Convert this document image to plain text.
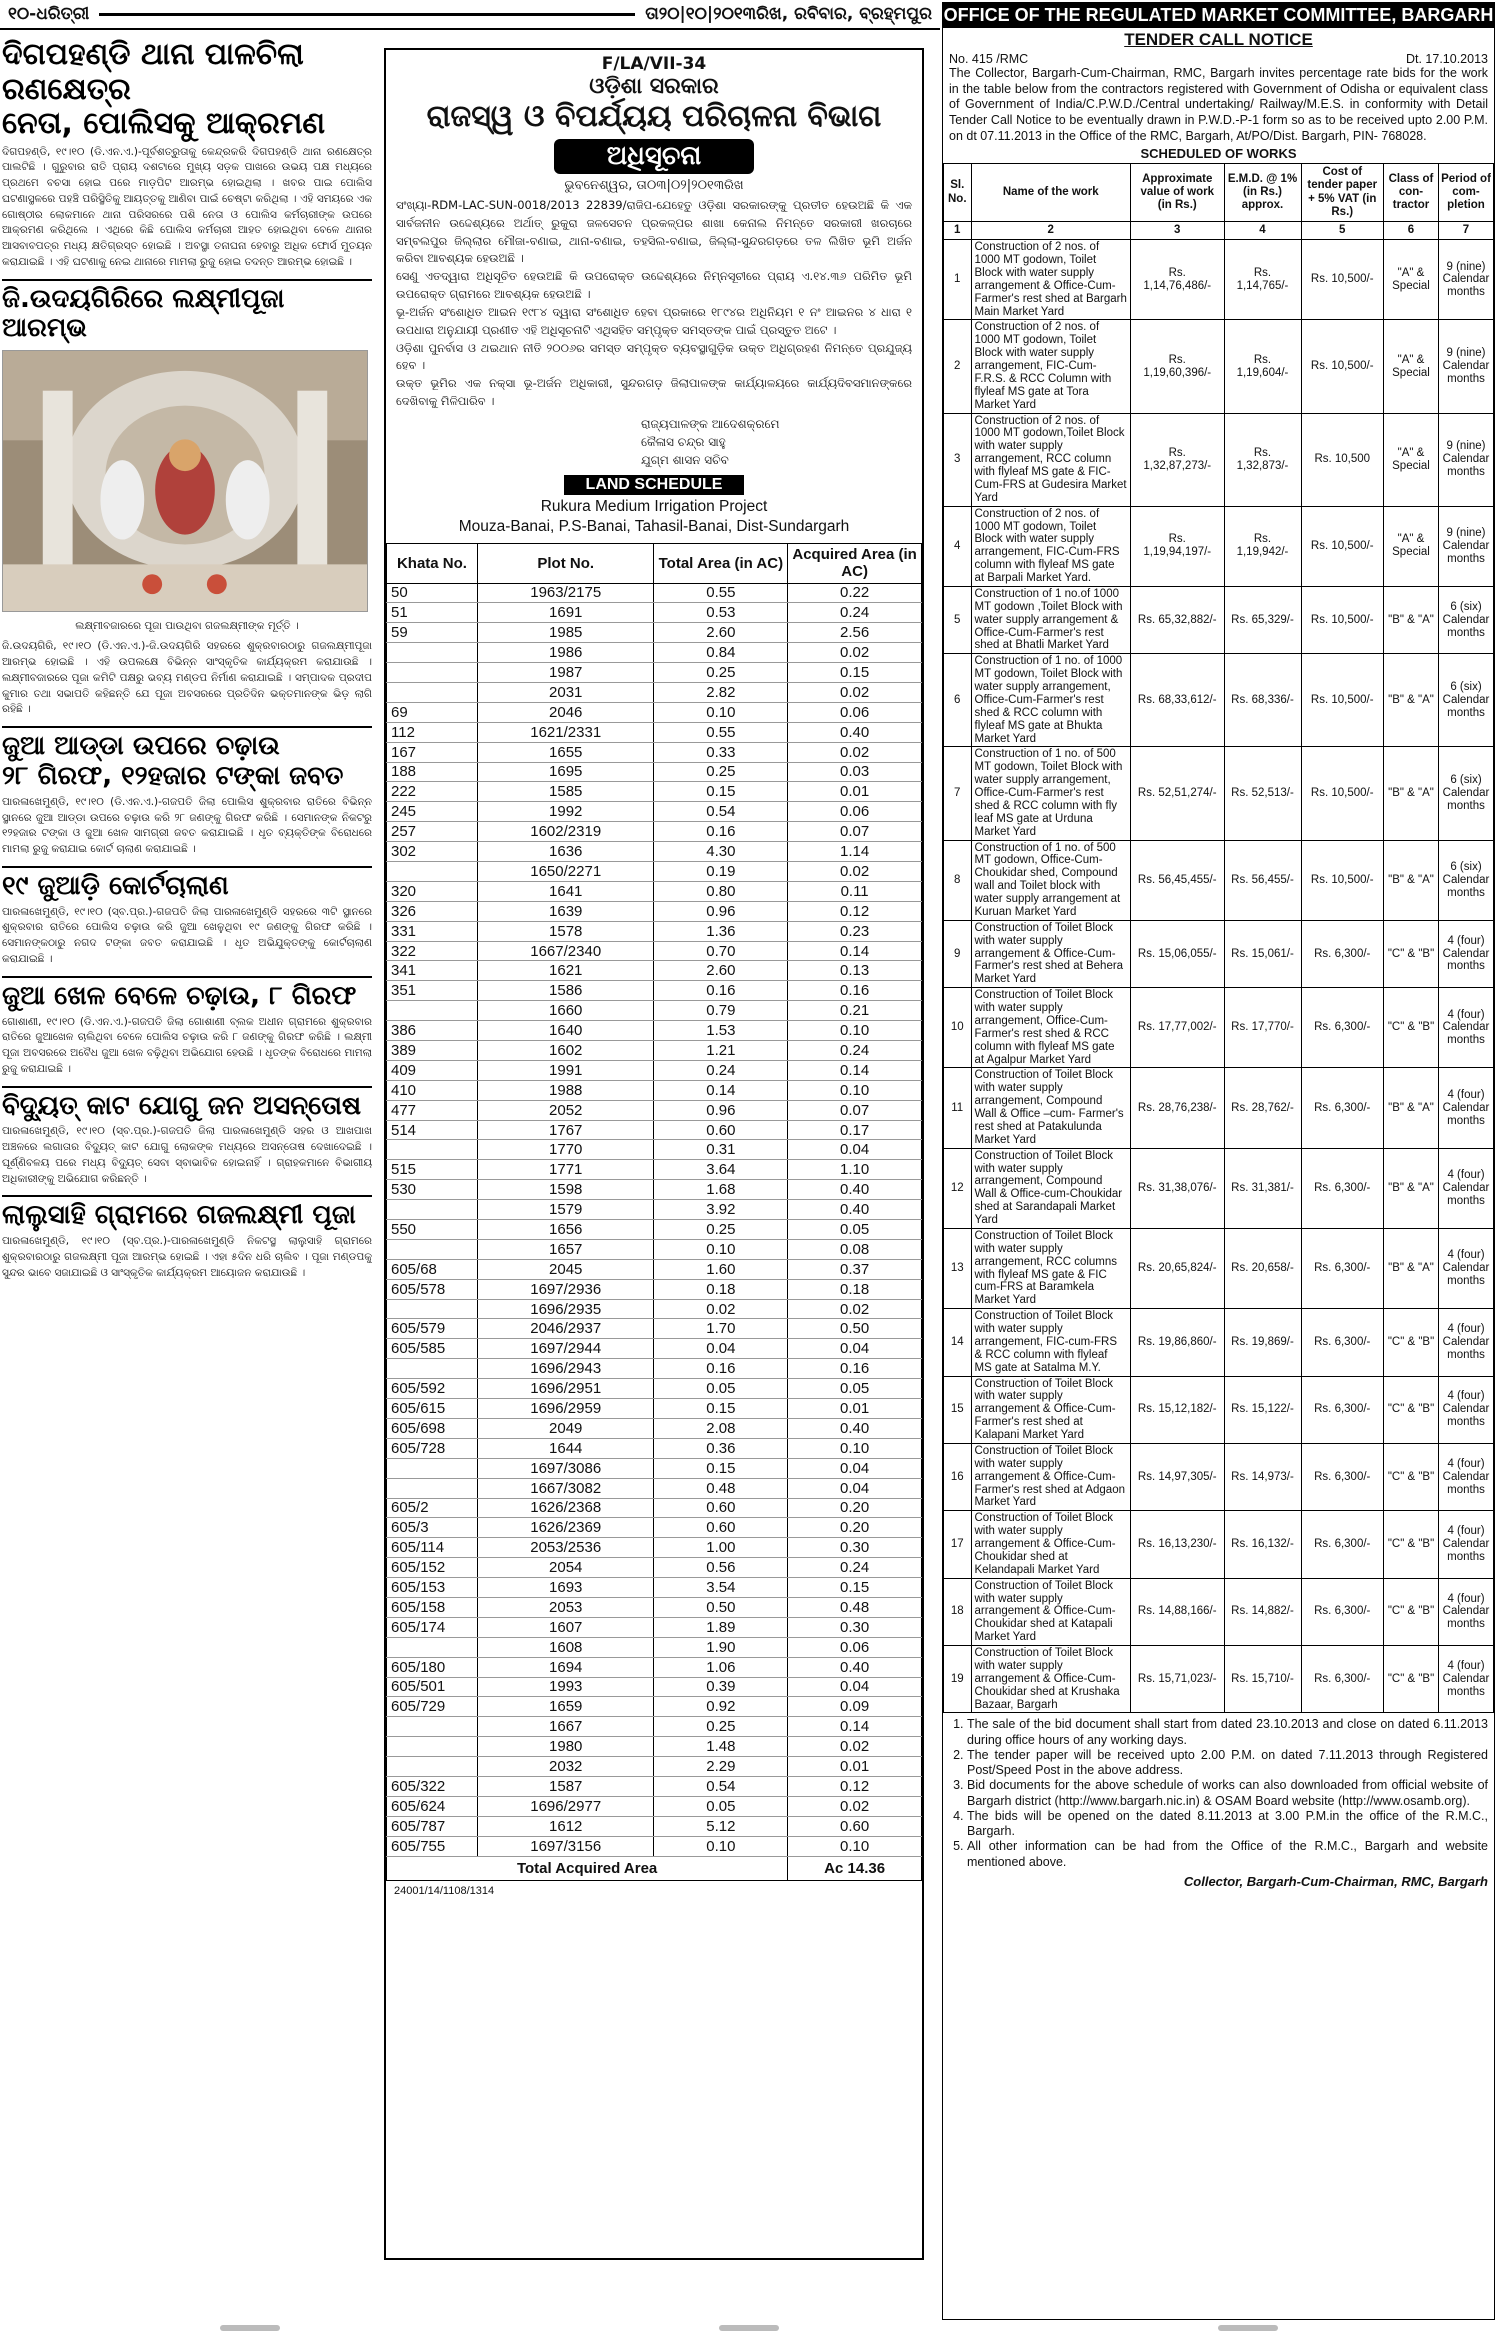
୧୦-ଧରିତ୍ରୀ	ତା୨୦|୧୦|୨୦୧୩ରିଖ, ରବିବାର, ବ୍ରହ୍ମପୁର
ଦିଗପହଣ୍ଡି ଥାନା ପାଳଚିଲା ରଣକ୍ଷେତ୍ର
ନେତା, ପୋଲିସକୁ ଆକ୍ରମଣ

ଦିଗପହଣ୍ଡି, ୧୯।୧୦ (ଡି.ଏନ.ଏ.)-ପୂର୍ବଶତ୍ରୁତାକୁ କେନ୍ଦ୍ରକରି ଦିଗପହଣ୍ଡି ଥାନା ରଣକ୍ଷେତ୍ର ପାଲଟିଛି । ଗୁରୁବାର ରାତି ପ୍ରାୟ ଦଶଟାରେ ମୁଖ୍ୟ ସଡ଼କ ପାଖରେ ଉଭୟ ପକ୍ଷ ମଧ୍ୟରେ ପ୍ରଥମେ ବଚସା ହୋଇ ପରେ ମାଡ଼ପିଟ ଆରମ୍ଭ ହୋଇଥିଲା । ଖବର ପାଇ ପୋଲିସ ଘଟଣାସ୍ଥଳରେ ପହଞ୍ଚି ପରିସ୍ଥିତିକୁ ଆୟତ୍ତକୁ ଆଣିବା ପାଇଁ ଚେଷ୍ଟା କରିଥିଲା । ଏହି ସମୟରେ ଏକ ଗୋଷ୍ଠୀର ଲୋକମାନେ ଥାନା ପରିସରରେ ପଶି ନେତା ଓ ପୋଲିସ କର୍ମଚାରୀଙ୍କ ଉପରେ ଆକ୍ରମଣ କରିଥିଲେ । ଏଥିରେ କିଛି ପୋଲିସ କର୍ମଚାରୀ ଆହତ ହୋଇଥିବା ବେଳେ ଥାନାର ଆସବାବପତ୍ର ମଧ୍ୟ କ୍ଷତିଗ୍ରସ୍ତ ହୋଇଛି । ଅବସ୍ଥା ତନାଘନା ହେବାରୁ ଅଧିକ ଫୋର୍ସ ମୁତୟନ କରାଯାଇଛି । ଏହି ଘଟଣାକୁ ନେଇ ଥାନାରେ ମାମଲା ରୁଜୁ ହୋଇ ତଦନ୍ତ ଆରମ୍ଭ ହୋଇଛି ।

ଜି.ଉଦୟଗିରିରେ ଲକ୍ଷ୍ମୀପୂଜା ଆରମ୍ଭ
ଲକ୍ଷ୍ମୀବଜାରରେ ପୂଜା ପାଉଥିବା ଗଜଲକ୍ଷ୍ମୀଙ୍କ ମୂର୍ତ୍ତି ।

ଜି.ଉଦୟଗିରି, ୧୯।୧୦ (ଡି.ଏନ.ଏ.)-ଜି.ଉଦୟଗିରି ସହରରେ ଶୁକ୍ରବାରଠାରୁ ଗଜଲକ୍ଷ୍ମୀପୂଜା ଆରମ୍ଭ ହୋଇଛି । ଏହି ଉପଲକ୍ଷେ ବିଭିନ୍ନ ସାଂସ୍କୃତିକ କାର୍ଯ୍ୟକ୍ରମ କରାଯାଉଛି । ଲକ୍ଷ୍ମୀବଜାରରେ ପୂଜା କମିଟି ପକ୍ଷରୁ ଭବ୍ୟ ମଣ୍ଡପ ନିର୍ମାଣ କରାଯାଇଛି । ସମ୍ପାଦକ ପ୍ରଦୀପ କୁମାର ତଥା ସଭାପତି କହିଛନ୍ତି ଯେ ପୂଜା ଅବସରରେ ପ୍ରତିଦିନ ଭକ୍ତମାନଙ୍କ ଭିଡ଼ ଲାଗି ରହିଛି ।

ଜୁଆ ଆଡ୍ଡା ଉପରେ ଚଢ଼ାଉ
୨୮ ଗିରଫ, ୧୨ହଜାର ଟଙ୍କା ଜବତ

ପାରଳାଖେମୁଣ୍ଡି, ୧୯।୧୦ (ଡି.ଏନ.ଏ.)-ଗଜପତି ଜିଲା ପୋଲିସ ଶୁକ୍ରବାର ରାତିରେ ବିଭିନ୍ନ ସ୍ଥାନରେ ଜୁଆ ଆଡ୍ଡା ଉପରେ ଚଢ଼ାଉ କରି ୨୮ ଜଣଙ୍କୁ ଗିରଫ କରିଛି । ସେମାନଙ୍କ ନିକଟରୁ ୧୨ହଜାର ଟଙ୍କା ଓ ଜୁଆ ଖେଳ ସାମଗ୍ରୀ ଜବତ କରାଯାଇଛି । ଧୃତ ବ୍ୟକ୍ତିଙ୍କ ବିରୋଧରେ ମାମଲା ରୁଜୁ କରାଯାଇ କୋର୍ଟ ଚାଲାଣ କରାଯାଇଛି ।

୧୯ ଜୁଆଡ଼ି କୋର୍ଟଚାଲାଣ

ପାରଳାଖେମୁଣ୍ଡି, ୧୯।୧୦ (ସ୍ବ.ପ୍ର.)-ଗଜପତି ଜିଲା ପାରଳାଖେମୁଣ୍ଡି ସହରରେ ୩ଟି ସ୍ଥାନରେ ଶୁକ୍ରବାର ରାତିରେ ପୋଲିସ ଚଢ଼ାଉ କରି ଜୁଆ ଖେଳୁଥିବା ୧୯ ଜଣଙ୍କୁ ଗିରଫ କରିଛି । ସେମାନଙ୍କଠାରୁ ନଗଦ ଟଙ୍କା ଜବତ କରାଯାଇଛି । ଧୃତ ଅଭିଯୁକ୍ତଙ୍କୁ କୋର୍ଟଚାଲାଣ କରାଯାଇଛି ।

ଜୁଆ ଖେଳ ବେଳେ ଚଢ଼ାଉ, ୮ ଗିରଫ

ଗୋଶାଣୀ, ୧୯।୧୦ (ଡି.ଏନ.ଏ.)-ଗଜପତି ଜିଲା ଗୋଶାଣୀ ବ୍ଲକ ଅଧୀନ ଗ୍ରାମରେ ଶୁକ୍ରବାର ରାତିରେ ଜୁଆଖେଳ ଚାଲିଥିବା ବେଳେ ପୋଲିସ ଚଢ଼ାଉ କରି ୮ ଜଣଙ୍କୁ ଗିରଫ କରିଛି । ଲକ୍ଷ୍ମୀ ପୂଜା ଅବସରରେ ଅବୈଧ ଜୁଆ ଖେଳ ବଢ଼ିଥିବା ଅଭିଯୋଗ ହେଉଛି । ଧୃତଙ୍କ ବିରୋଧରେ ମାମଲା ରୁଜୁ କରାଯାଇଛି ।

ବିଦ୍ୟୁତ୍ କାଟ ଯୋଗୁ ଜନ ଅସନ୍ତୋଷ

ପାରଳାଖେମୁଣ୍ଡି, ୧୯।୧୦ (ସ୍ବ.ପ୍ର.)-ଗଜପତି ଜିଲା ପାରଳାଖେମୁଣ୍ଡି ସହର ଓ ଆଖପାଖ ଅଞ୍ଚଳରେ ଲଗାତାର ବିଦ୍ୟୁତ୍ କାଟ ଯୋଗୁ ଲୋକଙ୍କ ମଧ୍ୟରେ ଅସନ୍ତୋଷ ଦେଖାଦେଇଛି । ଘୂର୍ଣ୍ଣିବଳୟ ପରେ ମଧ୍ୟ ବିଦ୍ୟୁତ୍ ସେବା ସ୍ବାଭାବିକ ହୋଇନାହିଁ । ଗ୍ରାହକମାନେ ବିଭାଗୀୟ ଅଧିକାରୀଙ୍କୁ ଅଭିଯୋଗ କରିଛନ୍ତି ।

ଲାଲୁସାହି ଗ୍ରାମରେ ଗଜଲକ୍ଷ୍ମୀ ପୂଜା

ପାରଳାଖେମୁଣ୍ଡି, ୧୯।୧୦ (ସ୍ବ.ପ୍ର.)-ପାରଳାଖେମୁଣ୍ଡି ନିକଟସ୍ଥ ଲାଲୁସାହି ଗ୍ରାମରେ ଶୁକ୍ରବାରଠାରୁ ଗଜଲକ୍ଷ୍ମୀ ପୂଜା ଆରମ୍ଭ ହୋଇଛି । ଏହା ୫ଦିନ ଧରି ଚାଲିବ । ପୂଜା ମଣ୍ଡପକୁ ସୁନ୍ଦର ଭାବେ ସଜାଯାଇଛି ଓ ସାଂସ୍କୃତିକ କାର୍ଯ୍ୟକ୍ରମ ଆୟୋଜନ କରାଯାଉଛି ।

F/LA/VII-34
ଓଡ଼ିଶା ସରକାର
ରାଜସ୍ୱ ଓ ବିପର୍ଯ୍ୟୟ ପରିଚାଳନା ବିଭାଗ
ଅଧିସୂଚନା
ଭୁବନେଶ୍ୱର, ତା୦୩|୦୨|୨୦୧୩ରିଖ

ସଂଖ୍ୟା-RDM-LAC-SUN-0018/2013 22839/ରାଜିପ-ଯେହେତୁ ଓଡ଼ିଶା ସରକାରଙ୍କୁ ପ୍ରତୀତ ହେଉଅଛି କି ଏକ ସାର୍ବଜନୀନ ଉଦ୍ଦେଶ୍ୟରେ ଅର୍ଥାତ୍ ରୁକୁରା ଜଳସେଚନ ପ୍ରକଳ୍ପର ଶାଖା କେନାଲ ନିମନ୍ତେ ସରକାରୀ ଖରଚାରେ ସମ୍ବଲପୁର ଜିଲ୍ଲାର ମୌଜା-ବଣାଇ, ଥାନା-ବଣାଇ, ତହସିଲ-ବଣାଇ, ଜିଲ୍ଲା-ସୁନ୍ଦରଗଡ଼ରେ ତଳ ଲିଖିତ ଭୂମି ଅର୍ଜନ କରିବା ଆବଶ୍ୟକ ହେଉଅଛି ।

ସେଣୁ ଏତଦ୍ୱାରା ଅଧିସୂଚିତ ହେଉଅଛି କି ଉପରୋକ୍ତ ଉଦ୍ଦେଶ୍ୟରେ ନିମ୍ନସୂଚୀରେ ପ୍ରାୟ ଏ.୧୪.୩୬ ପରିମିତ ଭୂମି ଉପରୋକ୍ତ ଗ୍ରାମରେ ଆବଶ୍ୟକ ହେଉଅଛି ।

ଭୂ-ଅର୍ଜନ ସଂଶୋଧିତ ଆଇନ ୧୯୮୪ ଦ୍ୱାରା ସଂଶୋଧିତ ହେବା ପ୍ରକାରେ ୧୮୯୪ର ଅଧିନିୟମ ୧ ନଂ ଆଇନର ୪ ଧାରା ୧ ଉପଧାରା ଅନୁଯାୟୀ ପ୍ରଣୀତ ଏହି ଅଧିସୂଚନାଟି ଏଥିସହିତ ସମ୍ପୃକ୍ତ ସମସ୍ତଙ୍କ ପାଇଁ ପ୍ରସ୍ତୁତ ଅଟେ ।

ଓଡ଼ିଶା ପୁନର୍ବାସ ଓ ଥଇଥାନ ନୀତି ୨୦୦୬ର ସମସ୍ତ ସମ୍ପୃକ୍ତ ବ୍ୟବସ୍ଥାଗୁଡ଼ିକ ଉକ୍ତ ଅଧିଗ୍ରହଣ ନିମନ୍ତେ ପ୍ରଯୁଜ୍ୟ ହେବ ।

ଉକ୍ତ ଭୂମିର ଏକ ନକ୍ସା ଭୂ-ଅର୍ଜନ ଅଧିକାରୀ, ସୁନ୍ଦରଗଡ଼ ଜିଲାପାଳଙ୍କ କାର୍ଯ୍ୟାଳୟରେ କାର୍ଯ୍ୟଦିବସମାନଙ୍କରେ ଦେଖିବାକୁ ମିଳିପାରିବ ।

ରାଜ୍ୟପାଳଙ୍କ ଆଦେଶକ୍ରମେ
କୈଳାସ ଚନ୍ଦ୍ର ସାହୁ
ଯୁଗ୍ମ ଶାସନ ସଚିବ
LAND SCHEDULE
Rukura Medium Irrigation Project
Mouza-Banai, P.S-Banai, Tahasil-Banai, Dist-Sundargarh
Khata No.	Plot No.	Total Area (in AC)	Acquired Area (in AC)
50	1963/2175	0.55	0.22
51	1691	0.53	0.24
59	1985	2.60	2.56
	1986	0.84	0.02
	1987	0.25	0.15
	2031	2.82	0.02
69	2046	0.10	0.06
112	1621/2331	0.55	0.40
167	1655	0.33	0.02
188	1695	0.25	0.03
222	1585	0.15	0.01
245	1992	0.54	0.06
257	1602/2319	0.16	0.07
302	1636	4.30	1.14
	1650/2271	0.19	0.02
320	1641	0.80	0.11
326	1639	0.96	0.12
331	1578	1.36	0.23
322	1667/2340	0.70	0.14
341	1621	2.60	0.13
351	1586	0.16	0.16
	1660	0.79	0.21
386	1640	1.53	0.10
389	1602	1.21	0.24
409	1991	0.24	0.14
410	1988	0.14	0.10
477	2052	0.96	0.07
514	1767	0.60	0.17
	1770	0.31	0.04
515	1771	3.64	1.10
530	1598	1.68	0.40
	1579	3.92	0.40
550	1656	0.25	0.05
	1657	0.10	0.08
605/68	2045	1.60	0.37
605/578	1697/2936	0.18	0.18
	1696/2935	0.02	0.02
605/579	2046/2937	1.70	0.50
605/585	1697/2944	0.04	0.04
	1696/2943	0.16	0.16
605/592	1696/2951	0.05	0.05
605/615	1696/2959	0.15	0.01
605/698	2049	2.08	0.40
605/728	1644	0.36	0.10
	1697/3086	0.15	0.04
	1667/3082	0.48	0.04
605/2	1626/2368	0.60	0.20
605/3	1626/2369	0.60	0.20
605/114	2053/2536	1.00	0.30
605/152	2054	0.56	0.24
605/153	1693	3.54	0.15
605/158	2053	0.50	0.48
605/174	1607	1.89	0.30
	1608	1.90	0.06
605/180	1694	1.06	0.40
605/501	1993	0.39	0.04
605/729	1659	0.92	0.09
	1667	0.25	0.14
	1980	1.48	0.02
	2032	2.29	0.01
605/322	1587	0.54	0.12
605/624	1696/2977	0.05	0.02
605/787	1612	5.12	0.60
605/755	1697/3156	0.10	0.10
Total Acquired Area			Ac 14.36
24001/14/1108/1314
OFFICE OF THE REGULATED MARKET COMMITTEE, BARGARH
TENDER CALL NOTICE
No. 415 /RMC	Dt. 17.10.2013

The Collector, Bargarh-Cum-Chairman, RMC, Bargarh invites percentage rate bids for the work in the table below from the contractors registered with Government of Odisha or equivalent class of Government of India/C.P.W.D./Central undertaking/ Railway/M.E.S. in conformity with Detail Tender Call Notice to be eventually drawn in P.W.D.-P-1 form so as to be received upto 2.00 P.M. on dt 07.11.2013 in the Office of the RMC, Bargarh, At/PO/Dist. Bargarh, PIN- 768028.

SCHEDULED OF WORKS
Sl. No.	Name of the work	Approximate value of work (in Rs.)	E.M.D. @ 1% (in Rs.) approx.	Cost of tender paper + 5% VAT (in Rs.)	Class of con-tractor	Period of com-pletion
1	2	3	4	5	6	7
1	Construction of 2 nos. of 1000 MT godown, Toilet Block with water supply arrangement & Office-Cum-Farmer's rest shed at Bargarh Main Market Yard	Rs. 1,14,76,486/-	Rs. 1,14,765/-	Rs. 10,500/-	"A" & Special	9 (nine) Calendar months
2	Construction of 2 nos. of 1000 MT godown, Toilet Block with water supply arrangement, FIC-Cum-F.R.S. & RCC Column with flyleaf MS gate at Tora Market Yard	Rs. 1,19,60,396/-	Rs. 1,19,604/-	Rs. 10,500/-	"A" & Special	9 (nine) Calendar months
3	Construction of 2 nos. of 1000 MT godown,Toilet Block with water supply arrangement, RCC column with flyleaf MS gate & FIC-Cum-FRS at Gudesira Market Yard	Rs. 1,32,87,273/-	Rs. 1,32,873/-	Rs. 10,500	"A" & Special	9 (nine) Calendar months
4	Construction of 2 nos. of 1000 MT godown, Toilet Block with water supply arrangement, FIC-Cum-FRS column with flyleaf MS gate at Barpali Market Yard.	Rs. 1,19,94,197/-	Rs. 1,19,942/-	Rs. 10,500/-	"A" & Special	9 (nine) Calendar months
5	Construction of 1 no.of 1000 MT godown ,Toilet Block with water supply arrangement & Office-Cum-Farmer's rest shed at Bhatli Market Yard	Rs. 65,32,882/-	Rs. 65,329/-	Rs. 10,500/-	"B" & "A"	6 (six) Calendar months
6	Construction of 1 no. of 1000 MT godown, Toilet Block with water supply arrangement, Office-Cum-Farmer's rest shed & RCC column with flyleaf MS gate at Bhukta Market Yard	Rs. 68,33,612/-	Rs. 68,336/-	Rs. 10,500/-	"B" & "A"	6 (six) Calendar months
7	Construction of 1 no. of 500 MT godown, Toilet Block with water supply arrangement, Office-Cum-Farmer's rest shed & RCC column with fly leaf MS gate at Urduna Market Yard	Rs. 52,51,274/-	Rs. 52,513/-	Rs. 10,500/-	"B" & "A"	6 (six) Calendar months
8	Construction of 1 no. of 500 MT godown, Office-Cum-Choukidar shed, Compound wall and Toilet block with water supply arrangement at Kuruan Market Yard	Rs. 56,45,455/-	Rs. 56,455/-	Rs. 10,500/-	"B" & "A"	6 (six) Calendar months
9	Construction of Toilet Block with water supply arrangement & Office-Cum-Farmer's rest shed at Behera Market Yard	Rs. 15,06,055/-	Rs. 15,061/-	Rs. 6,300/-	"C" & "B"	4 (four) Calendar months
10	Construction of Toilet Block with water supply arrangement, Office-Cum-Farmer's rest shed & RCC column with flyleaf MS gate at Agalpur Market Yard	Rs. 17,77,002/-	Rs. 17,770/-	Rs. 6,300/-	"C" & "B"	4 (four) Calendar months
11	Construction of Toilet Block with water supply arrangement, Compound Wall & Office –cum- Farmer's rest shed at Patakulunda Market Yard	Rs. 28,76,238/-	Rs. 28,762/-	Rs. 6,300/-	"B" & "A"	4 (four) Calendar months
12	Construction of Toilet Block with water supply arrangement, Compound Wall & Office-cum-Choukidar shed at Sarandapali Market Yard	Rs. 31,38,076/-	Rs. 31,381/-	Rs. 6,300/-	"B" & "A"	4 (four) Calendar months
13	Construction of Toilet Block with water supply arrangement, RCC columns with flyleaf MS gate & FIC cum-FRS at Baramkela Market Yard	Rs. 20,65,824/-	Rs. 20,658/-	Rs. 6,300/-	"B" & "A"	4 (four) Calendar months
14	Construction of Toilet Block with water supply arrangement, FIC-cum-FRS & RCC column with flyleaf MS gate at Satalma M.Y.	Rs. 19,86,860/-	Rs. 19,869/-	Rs. 6,300/-	"C" & "B"	4 (four) Calendar months
15	Construction of Toilet Block with water supply arrangement & Office-Cum-Farmer's rest shed at Kalapani Market Yard	Rs. 15,12,182/-	Rs. 15,122/-	Rs. 6,300/-	"C" & "B"	4 (four) Calendar months
16	Construction of Toilet Block with water supply arrangement & Office-Cum-Farmer's rest shed at Adgaon Market Yard	Rs. 14,97,305/-	Rs. 14,973/-	Rs. 6,300/-	"C" & "B"	4 (four) Calendar months
17	Construction of Toilet Block with water supply arrangement & Office-Cum-Choukidar shed at Kelandapali Market Yard	Rs. 16,13,230/-	Rs. 16,132/-	Rs. 6,300/-	"C" & "B"	4 (four) Calendar months
18	Construction of Toilet Block with water supply arrangement & Office-Cum-Choukidar shed at Katapali Market Yard	Rs. 14,88,166/-	Rs. 14,882/-	Rs. 6,300/-	"C" & "B"	4 (four) Calendar months
19	Construction of Toilet Block with water supply arrangement & Office-Cum-Choukidar shed at Krushaka Bazaar, Bargarh	Rs. 15,71,023/-	Rs. 15,710/-	Rs. 6,300/-	"C" & "B"	4 (four) Calendar months
1. The sale of the bid document shall start from dated 23.10.2013 and close on dated 6.11.2013 during office hours of any working days.
2. The tender paper will be received upto 2.00 P.M. on dated 7.11.2013 through Registered Post/Speed Post in the above address.
3. Bid documents for the above schedule of works can also downloaded from official website of Bargarh district (http://www.bargarh.nic.in) & OSAM Board website (http://www.osamb.org).
4. The bids will be opened on the dated 8.11.2013 at 3.00 P.M.in the office of the R.M.C., Bargarh.
5. All other information can be had from the Office of the R.M.C., Bargarh and website mentioned above.
Collector, Bargarh-Cum-Chairman, RMC, Bargarh
